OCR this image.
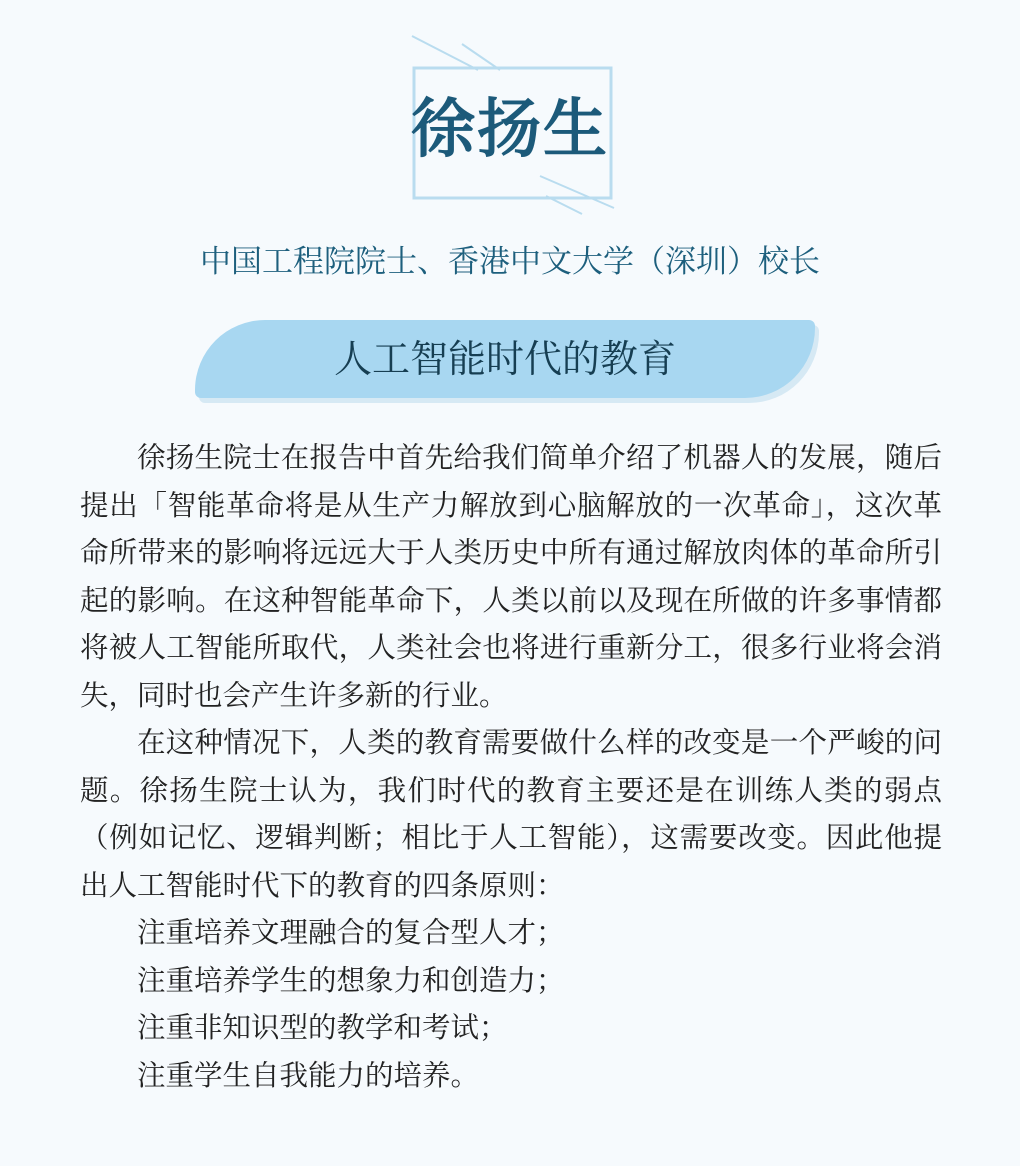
徐扬生
中国工程院院士、香港中文大学（深圳）校长
人工智能时代的教育

徐扬生院士在报告中首先给我们简单介绍了机器人的发展，随后提出「智能革命将是从生产力解放到心脑解放的一次革命」，这次革命所带来的影响将远远大于人类历史中所有通过解放肉体的革命所引起的影响。在这种智能革命下，人类以前以及现在所做的许多事情都将被人工智能所取代，人类社会也将进行重新分工，很多行业将会消失，同时也会产生许多新的行业。

在这种情况下，人类的教育需要做什么样的改变是一个严峻的问题。徐扬生院士认为，我们时代的教育主要还是在训练人类的弱点（例如记忆、逻辑判断；相比于人工智能），这需要改变。因此他提出人工智能时代下的教育的四条原则：

注重培养文理融合的复合型人才；
注重培养学生的想象力和创造力；
注重非知识型的教学和考试；
注重学生自我能力的培养。
